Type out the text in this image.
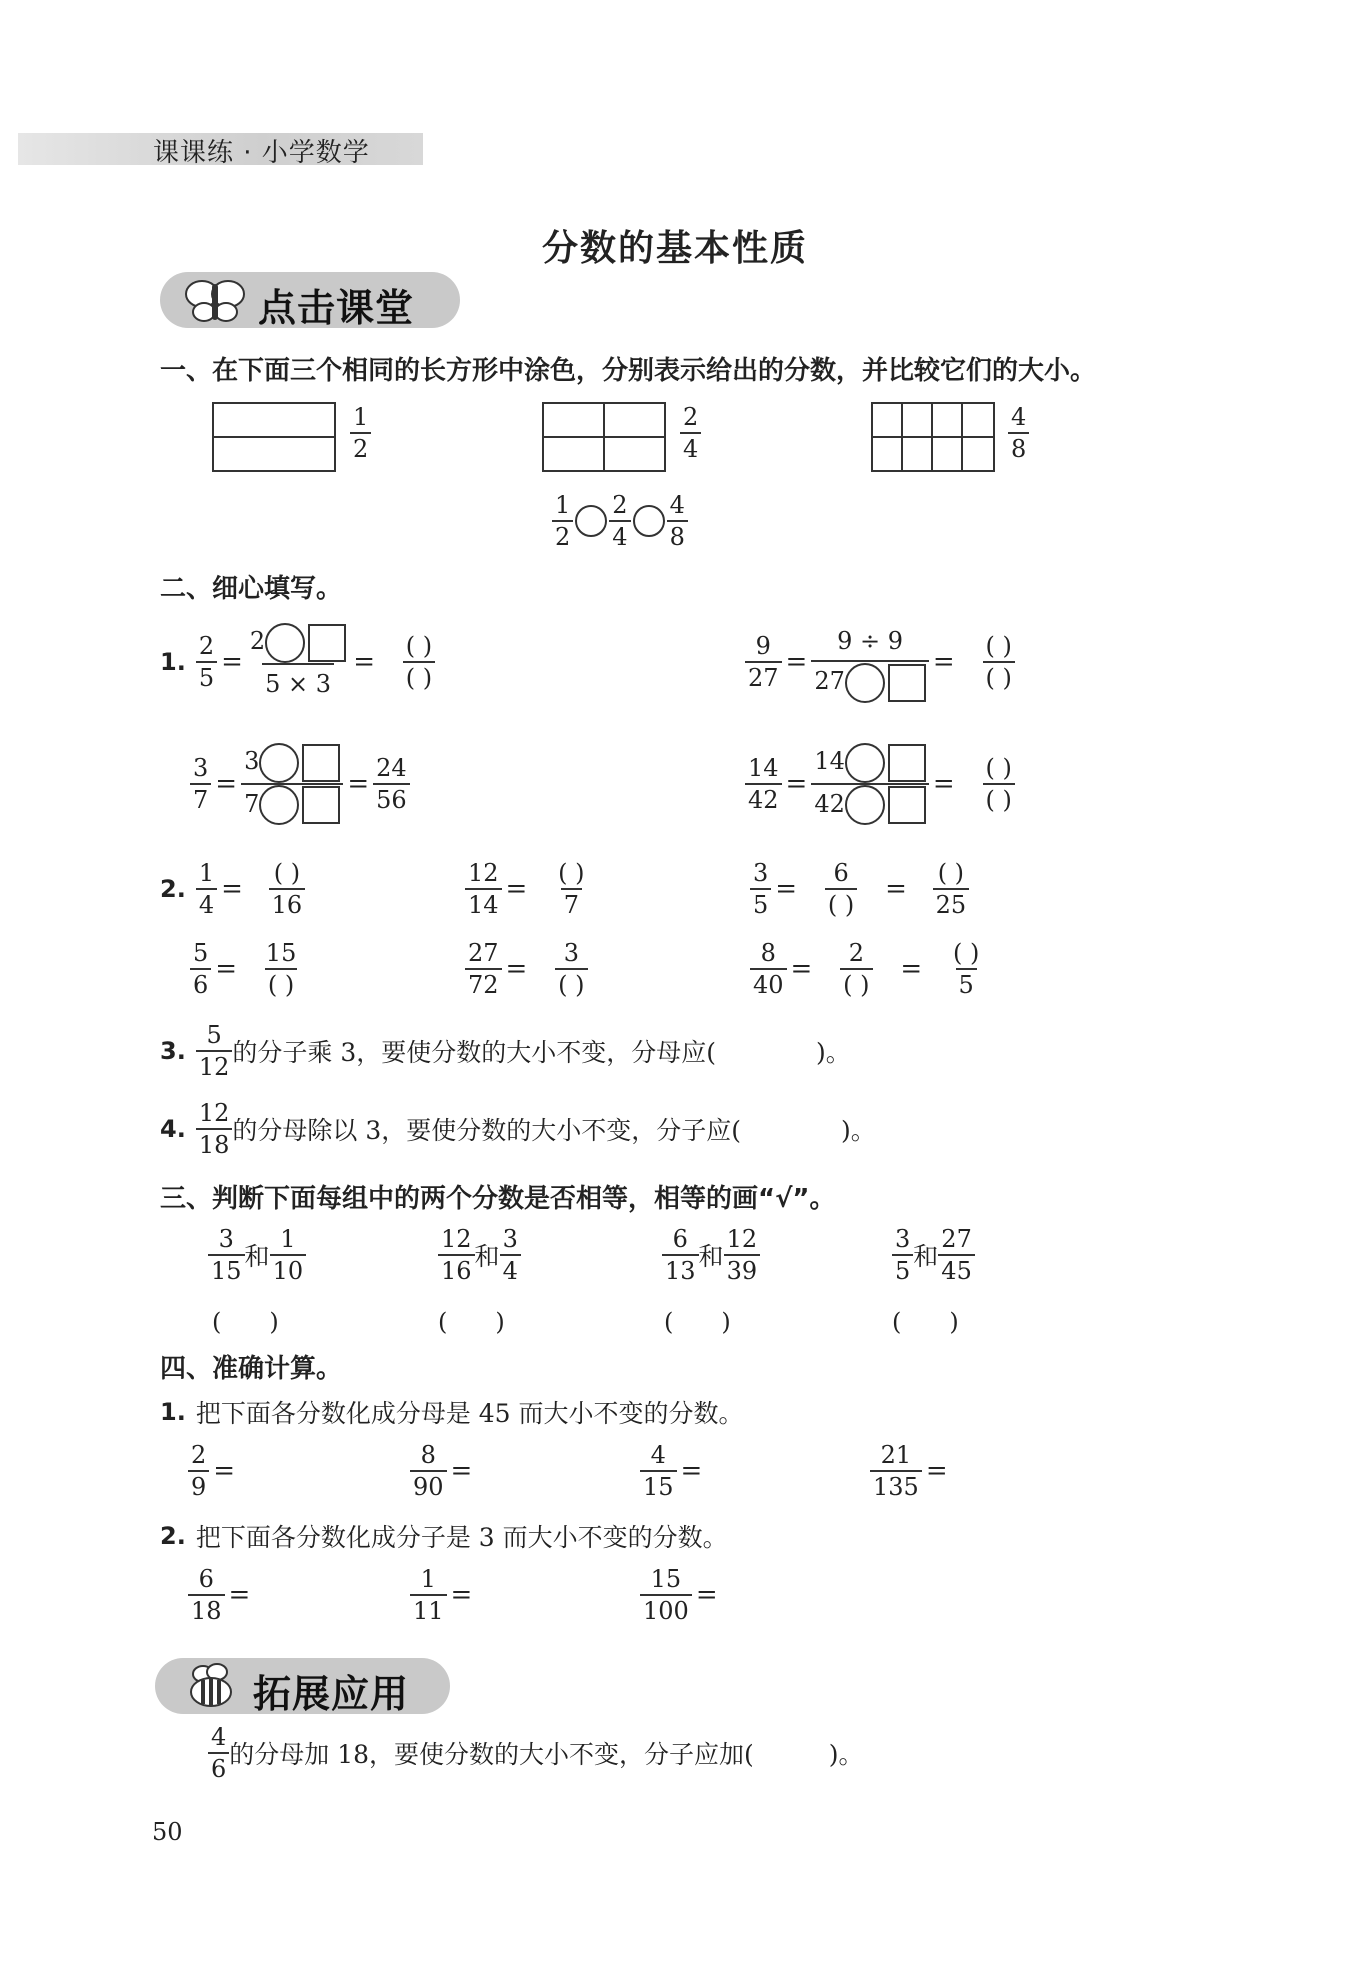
课课练 · 小学数学
分数的基本性质
点击课堂
一、在下面三个相同的长方形中涂色，分别表示给出的分数，并比较它们的大小。
$\frac{1}{2}$	$\frac{2}{4}$	$\frac{4}{8}$
$\frac{1}{2} \frac{2}{4} \frac{4}{8}$
二、细心填写。
1. $\frac{2}{5} = \frac{2}{5 \times 3} = \frac{( )}{( )}$	$\frac{9}{27} = \frac{9 \div 9}{27} = \frac{( )}{( )}$
$\frac{3}{7} = \frac{3}{7} = \frac{24}{56}$	$\frac{14}{42} = \frac{14}{42} = \frac{( )}{( )}$
2. $\frac{1}{4} = \frac{( )}{16}$	$\frac{12}{14} = \frac{( )}{7}$	$\frac{3}{5} = \frac{6}{( )} = \frac{( )}{25}$
$\frac{5}{6} = \frac{15}{( )}$	$\frac{27}{72} = \frac{3}{( )}$	$\frac{8}{40} = \frac{2}{( )} = \frac{( )}{5}$
3. $\frac{5}{12}$ 的分子乘 3，要使分数的大小不变，分母应(　　　　)。
4. $\frac{12}{18}$ 的分母除以 3，要使分数的大小不变，分子应(　　　　)。
三、判断下面每组中的两个分数是否相等，相等的画“√”。
$\frac{3}{15}$ 和 $\frac{1}{10}$	$\frac{12}{16}$ 和 $\frac{3}{4}$	$\frac{6}{13}$ 和 $\frac{12}{39}$	$\frac{3}{5}$ 和 $\frac{27}{45}$
(　　)	(　　)	(　　)	(　　)
四、准确计算。
1. 把下面各分数化成分母是 45 而大小不变的分数。
$\frac{2}{9}$ =	$\frac{8}{90}$ =	$\frac{4}{15}$ =	$\frac{21}{135}$ =
2. 把下面各分数化成分子是 3 而大小不变的分数。
$\frac{6}{18}$ =	$\frac{1}{11}$ =	$\frac{15}{100}$ =
拓展应用
$\frac{4}{6}$ 的分母加 18，要使分数的大小不变，分子应加(　　　)。
50
